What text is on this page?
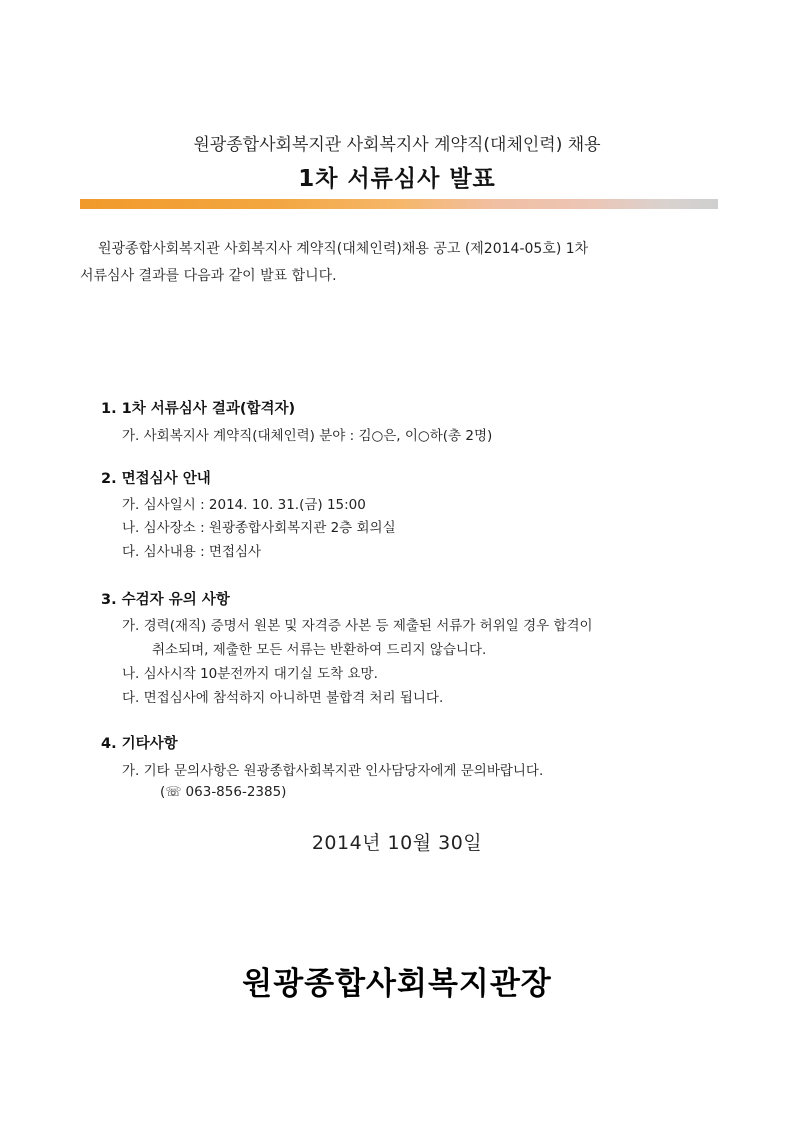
원광종합사회복지관 사회복지사 계약직(대체인력) 채용
1차 서류심사 발표
원광종합사회복지관 사회복지사 계약직(대체인력)채용 공고 (제2014-05호) 1차
서류심사 결과를 다음과 같이 발표 합니다.
1. 1차 서류심사 결과(합격자)
가. 사회복지사 계약직(대체인력) 분야 : 김○은, 이○하(총 2명)
2. 면접심사 안내
가. 심사일시 : 2014. 10. 31.(금) 15:00
나. 심사장소 : 원광종합사회복지관 2층 회의실
다. 심사내용 : 면접심사
3. 수검자 유의 사항
가. 경력(재직) 증명서 원본 및 자격증 사본 등 제출된 서류가 허위일 경우 합격이
취소되며, 제출한 모든 서류는 반환하여 드리지 않습니다.
나. 심사시작 10분전까지 대기실 도착 요망.
다. 면접심사에 참석하지 아니하면 불합격 처리 됩니다.
4. 기타사항
가. 기타 문의사항은 원광종합사회복지관 인사담당자에게 문의바랍니다.
(☏ 063-856-2385)
2014년 10월 30일
원광종합사회복지관장
